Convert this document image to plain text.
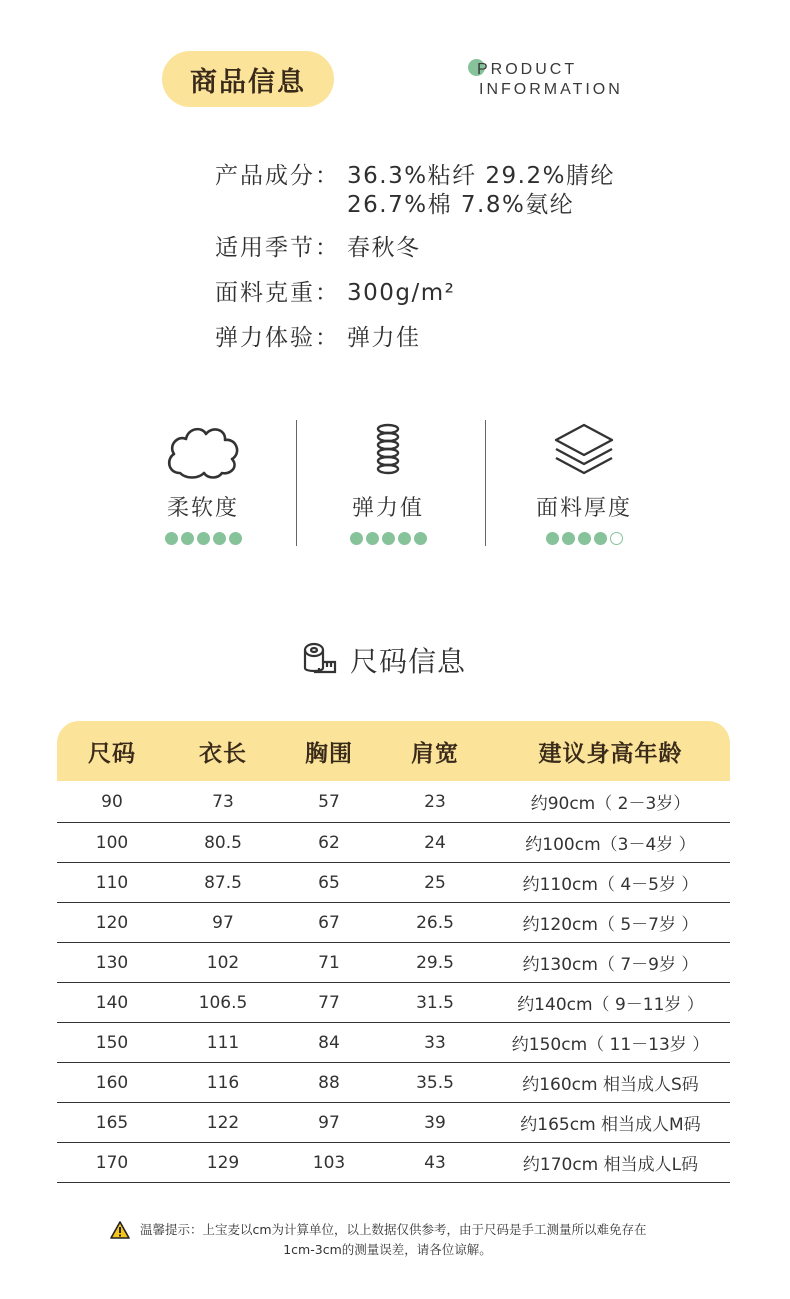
商品信息	PRODUCT
INFORMATION
产品成分： 36.3%粘纤 29.2%腈纶
26.7%棉 7.8%氨纶
适用季节： 春秋冬
面料克重： 300g/m²
弹力体验： 弹力佳
柔软度	弹力值	面料厚度
尺码信息
尺码	衣长	胸围	肩宽	建议身高年龄
90	73	57	23	约90cm（ 2－3岁）
100	80.5	62	24	约100cm（3－4岁 ）
110	87.5	65	25	约110cm（ 4－5岁 ）
120	97	67	26.5	约120cm（ 5－7岁 ）
130	102	71	29.5	约130cm（ 7－9岁 ）
140	106.5	77	31.5	约140cm（ 9－11岁 ）
150	111	84	33	约150cm（ 11－13岁 ）
160	116	88	35.5	约160cm 相当成人S码
165	122	97	39	约165cm 相当成人M码
170	129	103	43	约170cm 相当成人L码
温馨提示：上宝麦以cm为计算单位，以上数据仅供参考，由于尺码是手工测量所以难免存在
1cm-3cm的测量误差，请各位谅解。
